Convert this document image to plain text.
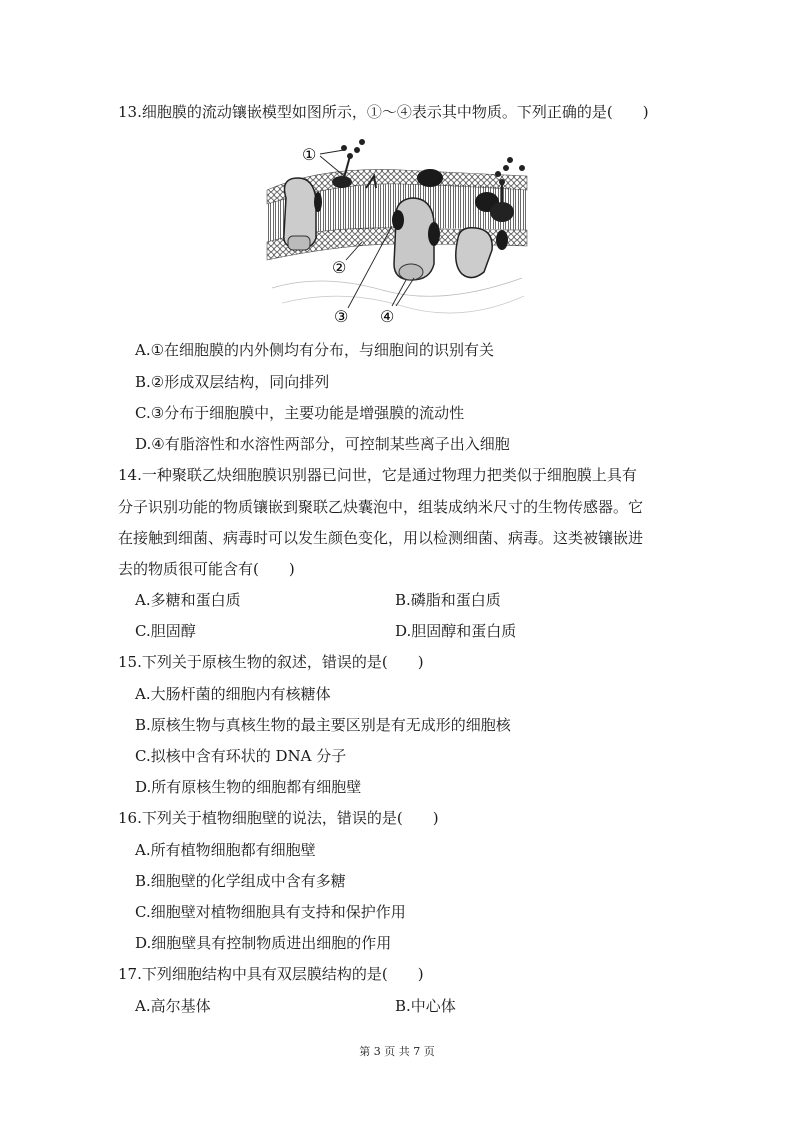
13.细胞膜的流动镶嵌模型如图所示，①～④表示其中物质。下列正确的是(　　)
①
②
③ ④
A.①在细胞膜的内外侧均有分布，与细胞间的识别有关
B.②形成双层结构，同向排列
C.③分布于细胞膜中，主要功能是增强膜的流动性
D.④有脂溶性和水溶性两部分，可控制某些离子出入细胞
14.一种聚联乙炔细胞膜识别器已问世，它是通过物理力把类似于细胞膜上具有
分子识别功能的物质镶嵌到聚联乙炔囊泡中，组装成纳米尺寸的生物传感器。它
在接触到细菌、病毒时可以发生颜色变化，用以检测细菌、病毒。这类被镶嵌进
去的物质很可能含有(　　)
A.多糖和蛋白质	B.磷脂和蛋白质
C.胆固醇	D.胆固醇和蛋白质
15.下列关于原核生物的叙述，错误的是(　　)
A.大肠杆菌的细胞内有核糖体
B.原核生物与真核生物的最主要区别是有无成形的细胞核
C.拟核中含有环状的 DNA 分子
D.所有原核生物的细胞都有细胞壁
16.下列关于植物细胞壁的说法，错误的是(　　)
A.所有植物细胞都有细胞壁
B.细胞壁的化学组成中含有多糖
C.细胞壁对植物细胞具有支持和保护作用
D.细胞壁具有控制物质进出细胞的作用
17.下列细胞结构中具有双层膜结构的是(　　)
A.高尔基体	B.中心体
第 3 页 共 7 页
